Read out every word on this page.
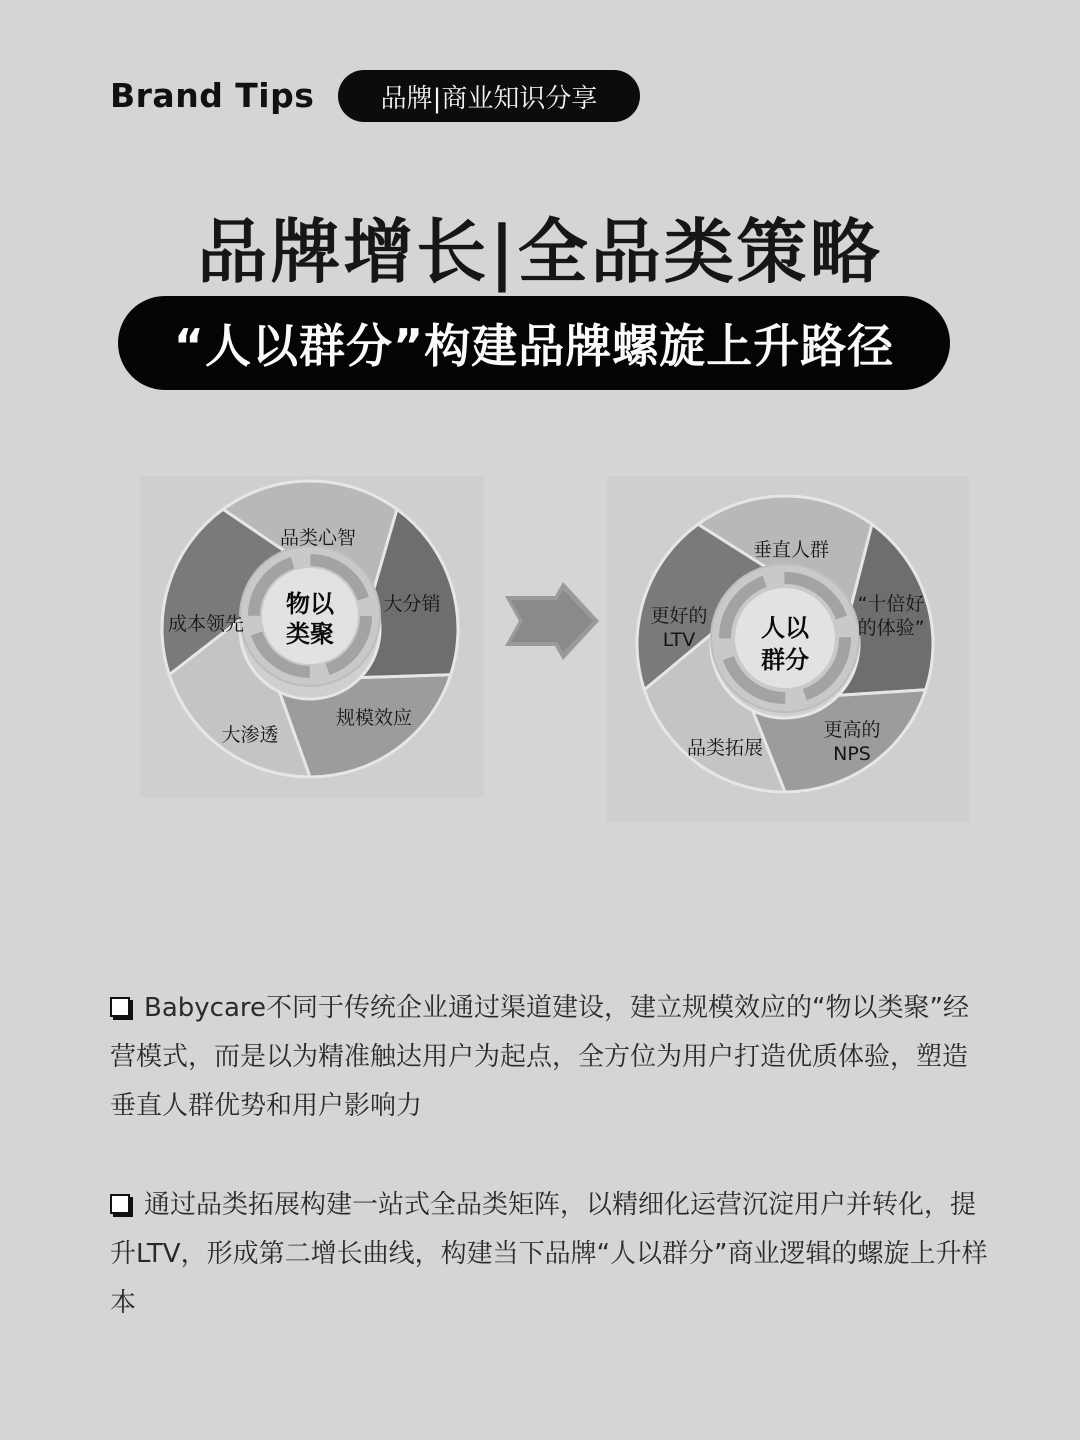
Brand Tips	品牌|商业知识分享
品牌增长|全品类策略
“人以群分”构建品牌螺旋上升路径
物以
类聚
品类心智
大分销
规模效应
大渗透
成本领先	人以
群分
垂直人群
“十倍好
的体验”
更高的
NPS
品类拓展
更好的
LTV
Babycare不同于传统企业通过渠道建设，建立规模效应的“物以类聚”经营模式，而是以为精准触达用户为起点，全方位为用户打造优质体验，塑造垂直人群优势和用户影响力
通过品类拓展构建一站式全品类矩阵，以精细化运营沉淀用户并转化，提升LTV，形成第二增长曲线，构建当下品牌“人以群分”商业逻辑的螺旋上升样本
